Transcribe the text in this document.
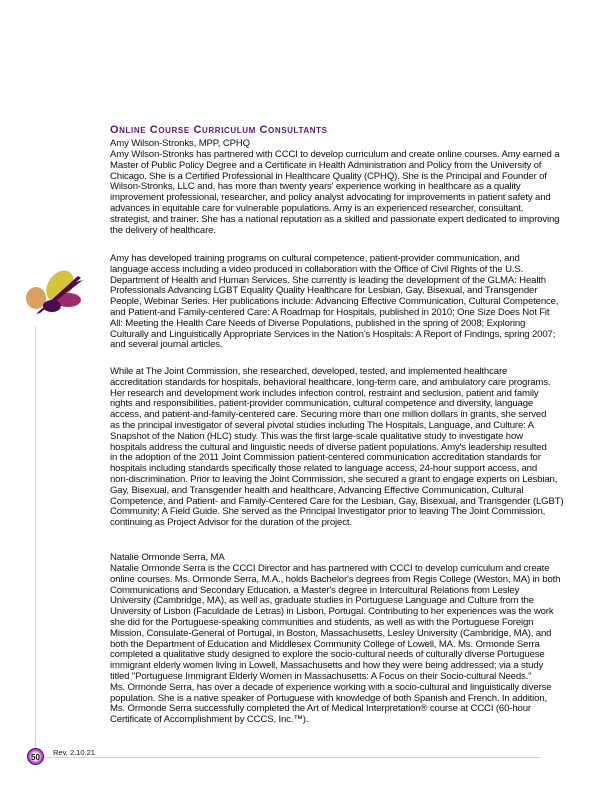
Online Course Curriculum Consultants
Amy Wilson-Stronks, MPP, CPHQ
Amy Wilson-Stronks has partnered with CCCI to develop curriculum and create online courses. Amy earned a
Master of Public Policy Degree and a Certificate in Health Administration and Policy from the University of
Chicago. She is a Certified Professional in Healthcare Quality (CPHQ). She is the Principal and Founder of
Wilson-Stronks, LLC and, has more than twenty years' experience working in healthcare as a quality
improvement professional, researcher, and policy analyst advocating for improvements in patient safety and
advances in equitable care for vulnerable populations. Amy is an experienced researcher, consultant,
strategist, and trainer. She has a national reputation as a skilled and passionate expert dedicated to improving
the delivery of healthcare.
Amy has developed training programs on cultural competence, patient-provider communication, and
language access including a video produced in collaboration with the Office of Civil Rights of the U.S.
Department of Health and Human Services. She currently is leading the development of the GLMA: Health
Professionals Advancing LGBT Equality Quality Healthcare for Lesbian, Gay, Bisexual, and Transgender
People, Webinar Series. Her publications include: Advancing Effective Communication, Cultural Competence,
and Patient-and Family-centered Care: A Roadmap for Hospitals, published in 2010; One Size Does Not Fit
All: Meeting the Health Care Needs of Diverse Populations, published in the spring of 2008; Exploring
Culturally and Linguistically Appropriate Services in the Nation's Hospitals: A Report of Findings, spring 2007;
and several journal articles.
While at The Joint Commission, she researched, developed, tested, and implemented healthcare
accreditation standards for hospitals, behavioral healthcare, long-term care, and ambulatory care programs.
Her research and development work includes infection control, restraint and seclusion, patient and family
rights and responsibilities, patient-provider communication, cultural competence and diversity, language
access, and patient-and-family-centered care. Securing more than one million dollars in grants, she served
as the principal investigator of several pivotal studies including The Hospitals, Language, and Culture: A
Snapshot of the Nation (HLC) study. This was the first large-scale qualitative study to investigate how
hospitals address the cultural and linguistic needs of diverse patient populations. Amy's leadership resulted
in the adoption of the 2011 Joint Commission patient-centered communication accreditation standards for
hospitals including standards specifically those related to language access, 24-hour support access, and
non-discrimination. Prior to leaving the Joint Commission, she secured a grant to engage experts on Lesbian,
Gay, Bisexual, and Transgender health and healthcare, Advancing Effective Communication, Cultural
Competence, and Patient- and Family-Centered Care for the Lesbian, Gay, Bisexual, and Transgender (LGBT)
Community: A Field Guide. She served as the Principal Investigator prior to leaving The Joint Commission,
continuing as Project Advisor for the duration of the project.
Natalie Ormonde Serra, MA
Natalie Ormonde Serra is the CCCI Director and has partnered with CCCI to develop curriculum and create
online courses. Ms. Ormonde Serra, M.A., holds Bachelor's degrees from Regis College (Weston, MA) in both
Communications and Secondary Education, a Master's degree in Intercultural Relations from Lesley
University (Cambridge, MA), as well as, graduate studies in Portuguese Language and Culture from the
University of Lisbon (Faculdade de Letras) in Lisbon, Portugal. Contributing to her experiences was the work
she did for the Portuguese-speaking communities and students, as well as with the Portuguese Foreign
Mission, Consulate-General of Portugal, in Boston, Massachusetts, Lesley University (Cambridge, MA), and
both the Department of Education and Middlesex Community College of Lowell, MA. Ms. Ormonde Serra
completed a qualitative study designed to explore the socio-cultural needs of culturally diverse Portuguese
immigrant elderly women living in Lowell, Massachusetts and how they were being addressed; via a study
titled "Portuguese Immigrant Elderly Women in Massachusetts: A Focus on their Socio-cultural Needs."
Ms. Ormonde Serra, has over a decade of experience working with a socio-cultural and linguistically diverse
population. She is a native speaker of Portuguese with knowledge of both Spanish and French. In addition,
Ms. Ormonde Serra successfully completed the Art of Medical Interpretation® course at CCCI (60-hour
Certificate of Accomplishment by CCCS, Inc.™).
50
Rev. 2.10.21
